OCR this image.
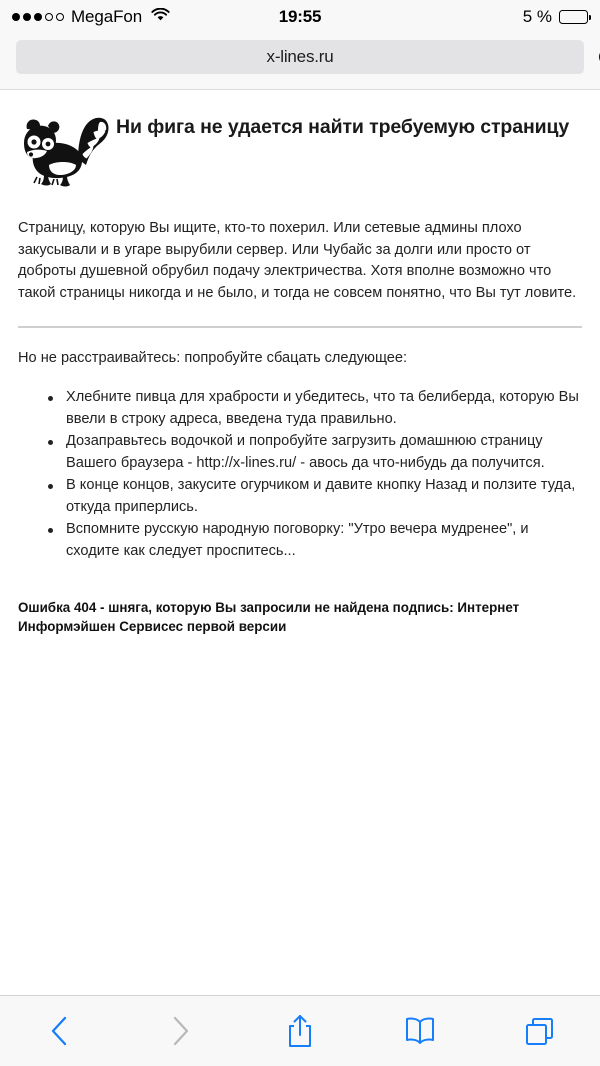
MegaFon	19:55	5 %
x-lines.ru
Ни фига не удается найти требуемую страницу

Страницу, которую Вы ищите, кто-то похерил. Или сетевые админы плохо закусывали и в угаре вырубили сервер. Или Чубайс за долги или просто от доброты душевной обрубил подачу электричества. Хотя вполне возможно что такой страницы никогда и не было, и тогда не совсем понятно, что Вы тут ловите.

Но не расстраивайтесь: попробуйте сбацать следующее:

Хлебните пивца для храбрости и убедитесь, что та белиберда, которую Вы ввели в строку адреса, введена туда правильно.
Дозаправьтесь водочкой и попробуйте загрузить домашнюю страницу Вашего браузера - http://x-lines.ru/ - авось да что-нибудь да получится.
В конце концов, закусите огурчиком и давите кнопку Назад и ползите туда, откуда приперлись.
Вспомните русскую народную поговорку: "Утро вечера мудренее", и сходите как следует проспитесь...

Ошибка 404 - шняга, которую Вы запросили не найдена подпись: Интернет Информэйшен Сервисес первой версии
